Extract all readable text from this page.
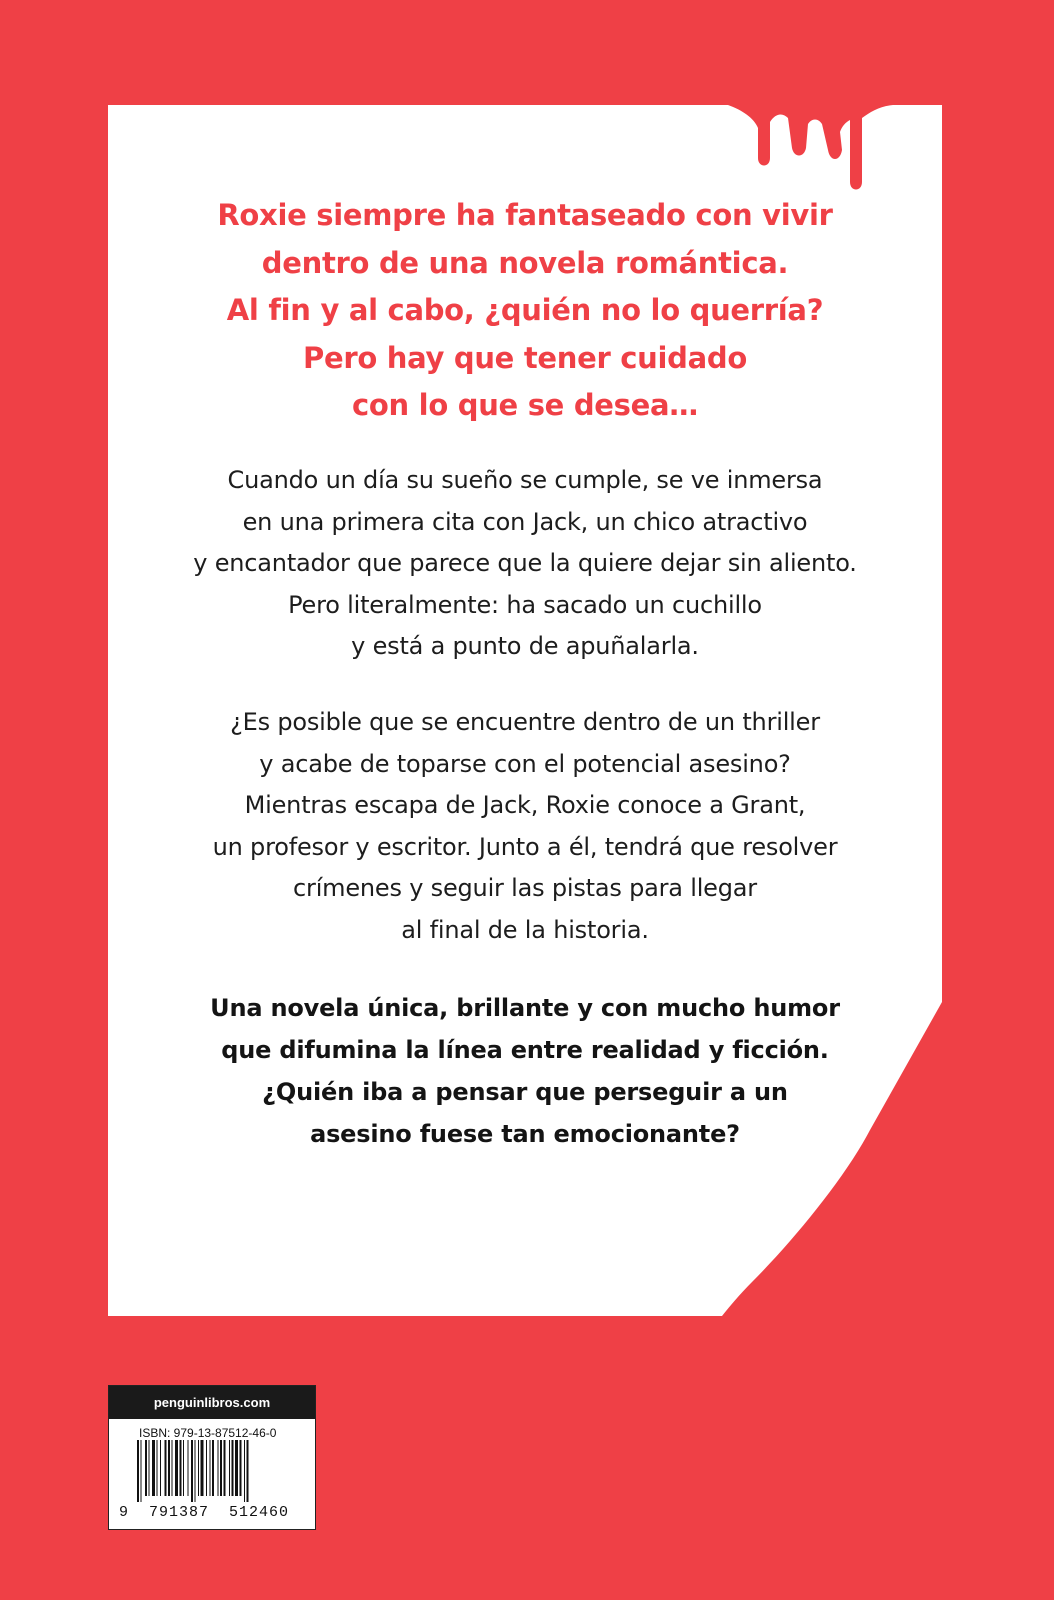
Roxie siempre ha fantaseado con vivir

dentro de una novela romántica.

Al fin y al cabo, ¿quién no lo querría?

Pero hay que tener cuidado

con lo que se desea…

Cuando un día su sueño se cumple, se ve inmersa

en una primera cita con Jack, un chico atractivo

y encantador que parece que la quiere dejar sin aliento.

Pero literalmente: ha sacado un cuchillo

y está a punto de apuñalarla.

¿Es posible que se encuentre dentro de un thriller

y acabe de toparse con el potencial asesino?

Mientras escapa de Jack, Roxie conoce a Grant,

un profesor y escritor. Junto a él, tendrá que resolver

crímenes y seguir las pistas para llegar

al final de la historia.

Una novela única, brillante y con mucho humor

que difumina la línea entre realidad y ficción.

¿Quién iba a pensar que perseguir a un

asesino fuese tan emocionante?

penguinlibros.com
ISBN: 979-13-87512-46-0
9  791387  512460
